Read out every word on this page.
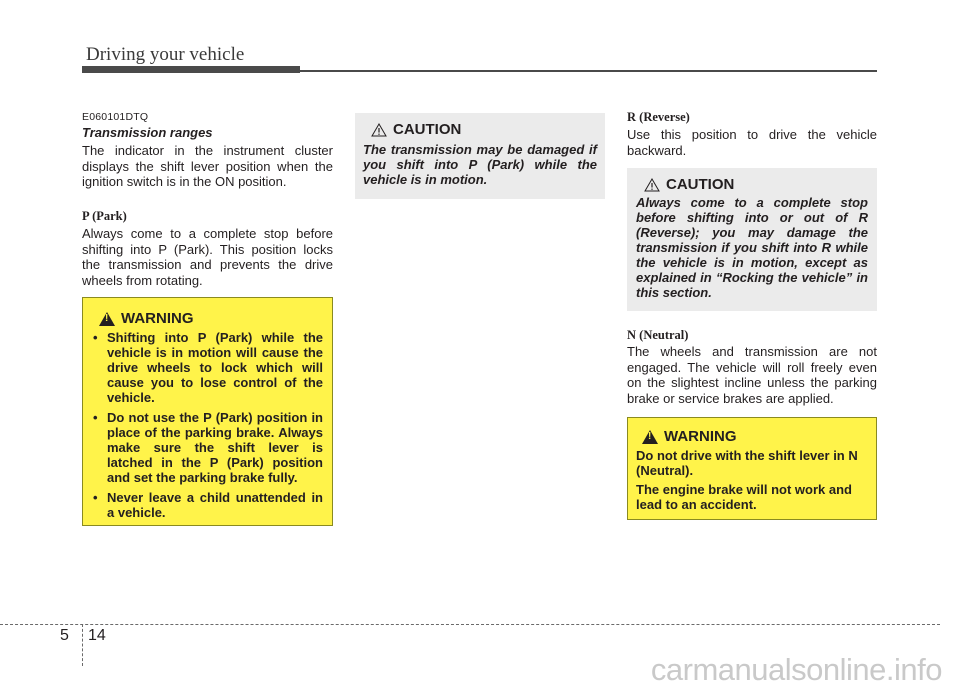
Driving your vehicle
E060101DTQ
Transmission ranges
The indicator in the instrument cluster displays the shift lever position when the ignition switch is in the ON position.
P (Park)
Always come to a complete stop before shifting into P (Park). This position locks the transmission and prevents the drive wheels from rotating.
!
WARNING
• Shifting into P (Park) while the vehicle is in motion will cause the drive wheels to lock which will cause you to lose control of the vehicle.
• Do not use the P (Park) position in place of the parking brake. Always make sure the shift lever is latched in the P (Park) position and set the parking brake fully.
• Never leave a child unattended in a vehicle.
CAUTION
The transmission may be damaged if you shift into P (Park) while the vehicle is in motion.
R (Reverse)
Use this position to drive the vehicle backward.
CAUTION
Always come to a complete stop before shifting into or out of R (Reverse); you may damage the transmission if you shift into R while the vehicle is in motion, except as explained in “Rocking the vehicle” in this section.
N (Neutral)
The wheels and transmission are not engaged. The vehicle will roll freely even on the slightest incline unless the parking brake or service brakes are applied.
!
WARNING

Do not drive with the shift lever in N (Neutral).

The engine brake will not work and lead to an accident.

5 14
carmanualsonline.info
